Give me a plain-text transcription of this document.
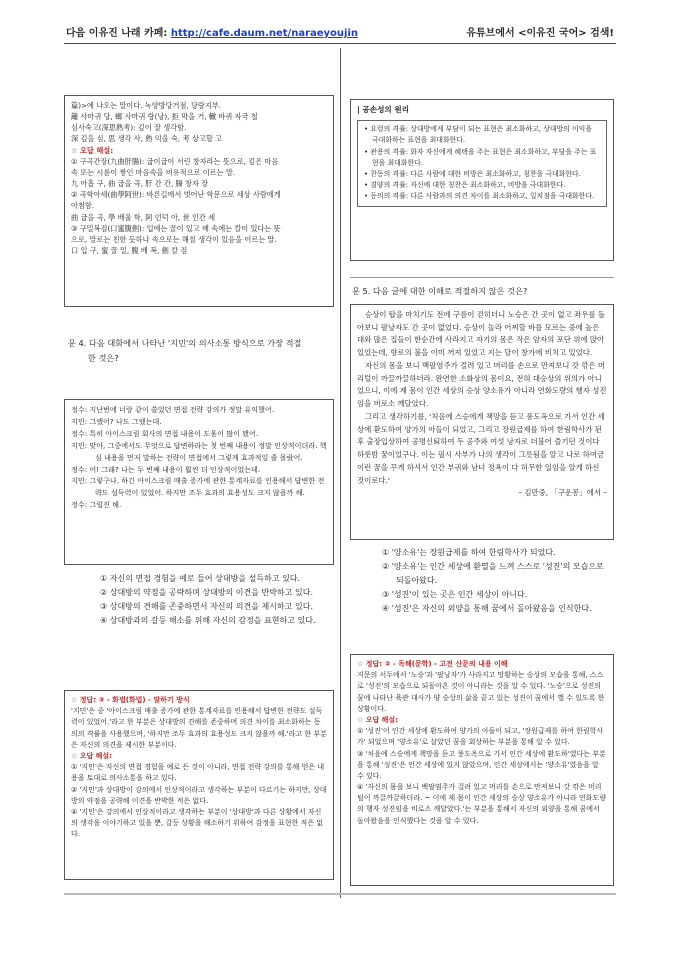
다음 이유진 나래 카페: http://cafe.daum.net/naraeyoujin	유튜브에서 <이유진 국어> 검색!

篇)>에 나오는 말이다. 녹양방당거점, 당랑지부.

籬 사마귀 당, 螂 사마귀 랑(낭), 拒 막을 거, 轍 바퀴 자국 철

심사숙고(深思熟考): 깊이 잘 생각함.

深 깊을 심, 思 생각 사, 熟 익을 숙, 考 상고할 고

☆ 오답 해설:

① 구곡간장(九曲肝腸): 굽이굽이 서린 창자라는 뜻으로, 깊은 마음

속 또는 시름이 쌓인 마음속을 비유적으로 이르는 말.

九 아홉 구, 曲 굽을 곡, 肝 간 간, 腸 창자 장

② 곡학아세(曲學阿世): 바른길에서 벗어난 학문으로 세상 사람에게

아첨함.

曲 굽을 곡, 學 배울 학, 阿 언덕 아, 世 인간 세

③ 구밀복검(口蜜腹劍): 입에는 꿀이 있고 배 속에는 칼이 있다는 뜻

으로, 말로는 친한 듯하나 속으로는 해칠 생각이 있음을 이르는 말.

口 입 구, 蜜 꿀 밀, 腹 배 복, 劍 칼 검

문 4. 다음 대화에서 나타난 '지민'의 의사소통 방식으로 가장 적절
한 것은?

정수: 지난번에 너랑 같이 쓸었던 면접 전략 강의가 정말 유익했어.

지민: 그랬어? 나도 그랬는데.

정수: 특히 아이스크림 회사의 면접 내용이 도움이 많이 됐어.

지민: 맞아, 그중에서도 무엇으로 답변하라는 첫 번째 내용이 정말 인상적이더라. 핵심 내용을 먼저 말하는 전략이 면접에서 그렇게 효과적일 줄 몰랐어.

정수: 어! 그래? 나는 두 번째 내용이 훨씬 더 인상적이었는데.

지민: 그렇구나. 하긴 아이스크림 매출 증가에 관한 통계자료를 인용해서 답변한 전략도 설득력이 있었어. 하지만 조두 효과의 효용성도 크지 않을까 해.

정수: 그럴진 해.

① 자신의 면접 경험을 예로 들어 상대방을 설득하고 있다.
② 상대방의 약점을 공략하며 상대방의 이견을 반박하고 있다.
③ 상대방의 견해를 존중하면서 자신의 의견을 제시하고 있다.
④ 상대방과의 갈등 해소를 위해 자신의 감정을 표현하고 있다.

☆ 정답: ③ - 화법(화법) - 말하기 방식

'지민'은 중 '아이스크림 매출 증가에 관한 통계자료를 인용해서 답변한 전략도 설득력이 있었어.'라고 한 부분은 상대방의 견해를 존중하며 의견 차이를 최소화하는 동의의 격률을 사용했으며, '하지만 조두 효과의 효용성도 크지 않을까 해.'라고 한 부분은 자신의 의견을 제시한 부분이다.

☆ 오답 해설:

① '지민'은 자신의 면접 경험을 예로 든 것이 아니라, 면접 전략 강의를 통해 얻은 내용을 토대로 의사소통을 하고 있다.

② '지민'과 상대방이 강의에서 인상적이라고 생각하는 부분이 다르기는 하지만, 상대방의 약점을 공략해 이견을 반박한 적은 없다.

④ '지민'은 강의에서 인상적이라고 생각하는 부분이 '상대방'과 다른 상황에서 자신의 생각을 이야기하고 있을 뿐, 갈등 상황을 해소하기 위하여 감정을 표현한 적은 없다.

| 공손성의 원리

• 요령의 격률: 상대방에게 부담이 되는 표현은 최소화하고, 상대방의 이익을 극대화하는 표현을 최대화한다.

• 관용의 격률: 화자 자신에게 혜택을 주는 표현은 최소화하고, 부담을 주는 표현을 최대화한다.

• 찬동의 격률: 다른 사람에 대한 비방은 최소화하고, 칭찬을 극대화한다.

• 겸양의 격률: 자신에 대한 칭찬은 최소화하고, 비방을 극대화한다.

• 동의의 격률: 다른 사람과의 의견 차이를 최소화하고, 일치점을 극대화한다.

문 5. 다음 글에 대한 이해로 적절하지 않은 것은?

승상이 탑을 마치기도 전에 구름이 걷히더니 노승은 간 곳이 없고 좌우를 돌아보니 팔낭자도 간 곳이 없었다. 승상이 놀라 어찌할 바를 모르는 중에 높은 대와 많은 집들이 한순간에 사라지고 자기의 몸은 작은 암자의 포단 위에 앉아 있었는데, 향로의 불을 이미 꺼져 있었고 지는 달이 창가에 비치고 있었다.

자신의 몸을 보니 백팔염주가 걸려 있고 머리를 손으로 만져보니 갓 깎은 머리털이 까끌까끌하더라. 완연한 소화상의 몸이요, 전혀 대승상의 위의가 아니었으니, 이에 제 몸이 인간 세상의 승상 양소유가 아니라 연화도량의 행자 성진임을 비로소 깨달았다.

그리고 생각하기를, '처음에 스승에게 책망을 듣고 풍도옥으로 가서 인간 세상에 환도하여 양가의 아들이 되었고, 그리고 장원급제를 하여 한림학사가 된 후 출장입상하여 공명신퇴하여 두 공주와 여섯 낭자로 더불어 즐기던 것이다 하룻밤 꿈이었구나. 이는 필시 사부가 나의 생각이 그릇됨을 알고 나로 하여금 이런 꿈을 꾸게 하셔서 인간 부귀와 남녀 정욕이 다 허무한 일임을 알게 하신 것이로다.'

– 김만중, 「구운몽」에서 –

① '양소유'는 장원급제를 하여 한림학사가 되었다.
② '양소유'는 인간 세상에 환멸을 느껴 스스로 '성진'의 모습으로 되돌아왔다.
③ '성진'이 있는 곳은 인간 세상이 아니다.
④ '성진'은 자신의 외양을 통해 꿈에서 돌아왔음을 인식한다.

☆ 정답: ② - 독해(문학) - 고전 산문의 내용 이해

지문의 서두에서 '노승'과 '팔낭자'가 사라지고 망황하는 승상의 모습을 통해, 스스로 '성진'의 모습으로 되돌아온 것이 아니라는 것을 알 수 있다. '노승'으로 성진의 꿈에 나타난 육관 대사가 양 승상의 삶을 끝고 있는 성진이 꿈에서 깰 수 있도록 한 상황이다.

☆ 오답 해설:

① '성진'이 인간 세상에 환도하여 양가의 아들이 되고, '장원급제를 하여 한림학사가' 되었으며 '양소유'로 살았던 꿈을 회상하는 부분을 통해 알 수 있다.

③ '처음에 스승에게 책망을 듣고 풍도옥으로 가서 인간 세상에 환도하'였다는 부분을 통해 '성진'은 인간 세상에 있지 않았으며, 인간 세상에서는 '양소유'였음을 알 수 있다.

④ '자신의 몸을 보니 백팔염주가 걸려 있고 머리를 손으로 만져보니 갓 깎은 머리털이 까끌까끌하더라. ~ 이에 제 몸이 인간 세상의 승상 양소유가 아니라 연화도량의 행자 성진임을 비로소 깨달았다.'는 부분을 통해서 자신의 외양을 통해 꿈에서 돌아왔음을 인식했다는 것을 알 수 있다.
